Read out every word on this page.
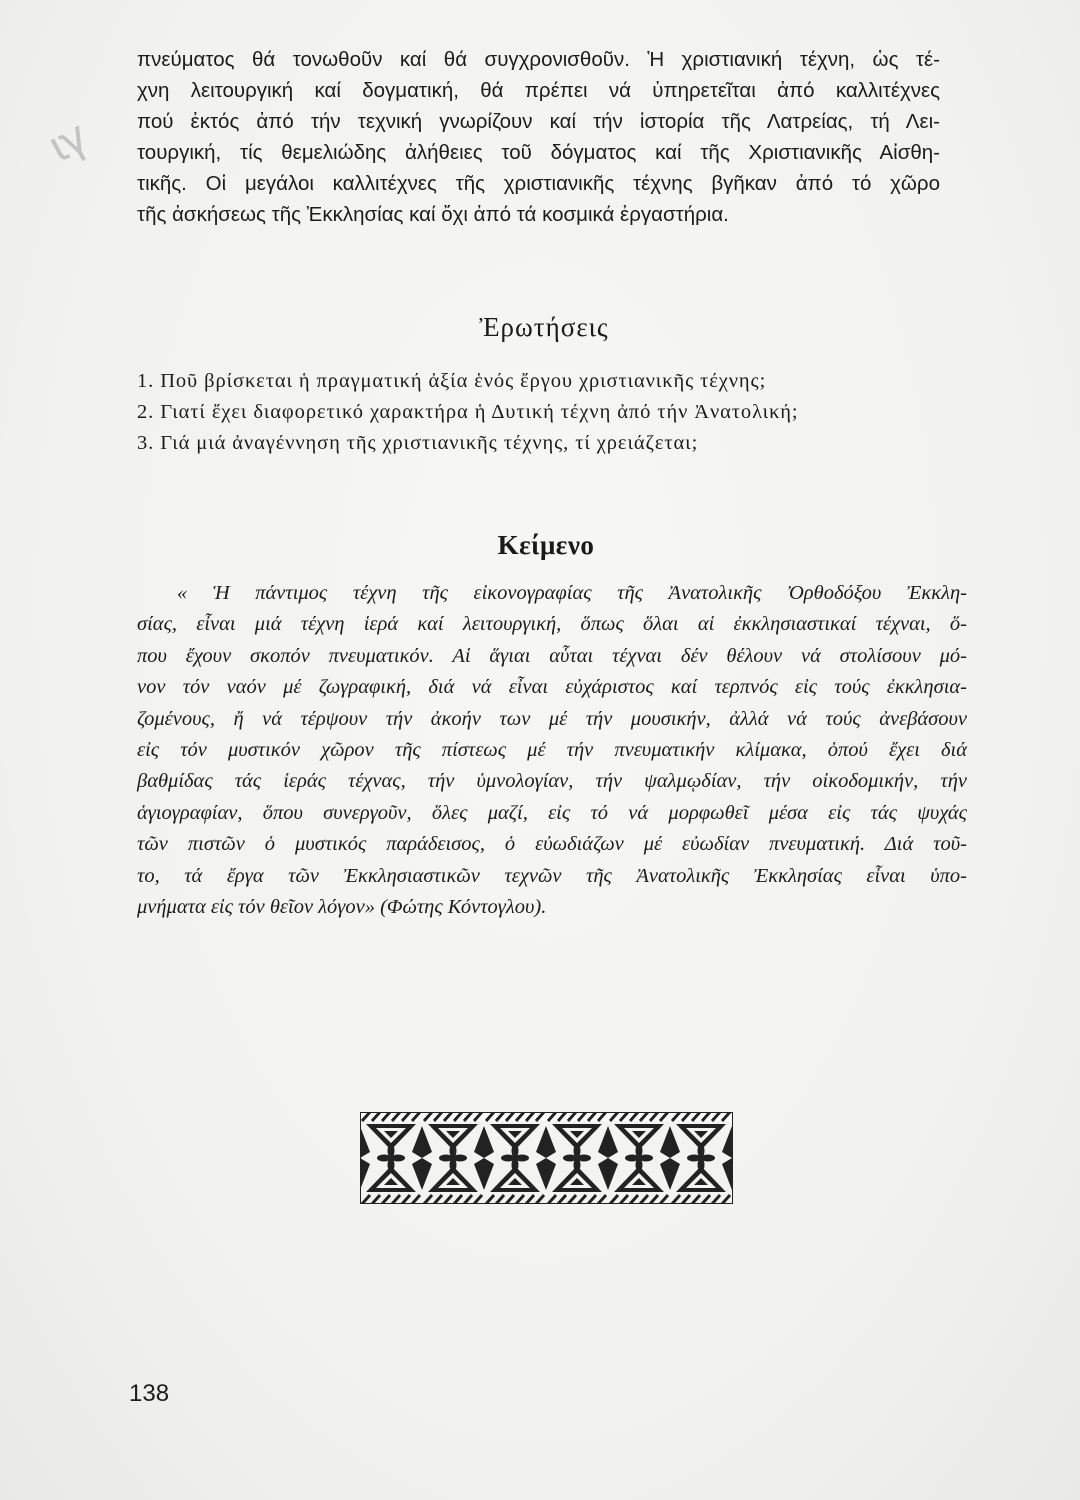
ιγ
πνεύματος θά τονωθοῦν καί θά συγχρονισθοῦν. Ἡ χριστιανική τέχνη, ὡς τέ-
χνη λειτουργική καί δογματική, θά πρέπει νά ὑπηρετεῖται ἀπό καλλιτέχνες
πού ἐκτός ἀπό τήν τεχνική γνωρίζουν καί τήν ἱστορία τῆς Λατρείας, τή Λει-
τουργική, τίς θεμελιώδης ἀλήθειες τοῦ δόγματος καί τῆς Χριστιανικῆς Αἰσθη-
τικῆς. Οἱ μεγάλοι καλλιτέχνες τῆς χριστιανικῆς τέχνης βγῆκαν ἀπό τό χῶρο
τῆς ἀσκήσεως τῆς Ἐκκλησίας καί ὄχι ἀπό τά κοσμικά ἐργαστήρια.
Ἐρωτήσεις
1. Ποῦ βρίσκεται ἡ πραγματική ἀξία ἑνός ἔργου χριστιανικῆς τέχνης;
2. Γιατί ἔχει διαφορετικό χαρακτήρα ἡ Δυτική τέχνη ἀπό τήν Ἀνατολική;
3. Γιά μιά ἀναγέννηση τῆς χριστιανικῆς τέχνης, τί χρειάζεται;
Κείμενο
« Ἡ πάντιμος τέχνη τῆς εἰκονογραφίας τῆς Ἀνατολικῆς Ὀρθοδόξου Ἐκκλη-
σίας, εἶναι μιά τέχνη ἱερά καί λειτουργική, ὅπως ὅλαι αἱ ἐκκλησιαστικαί τέχναι, ὅ-
που ἔχουν σκοπόν πνευματικόν. Αἱ ἅγιαι αὗται τέχναι δέν θέλουν νά στολίσουν μό-
νον τόν ναόν μέ ζωγραφική, διά νά εἶναι εὐχάριστος καί τερπνός εἰς τούς ἐκκλησια-
ζομένους, ἤ νά τέρψουν τήν ἀκοήν των μέ τήν μουσικήν, ἀλλά νά τούς ἀνεβάσουν
εἰς τόν μυστικόν χῶρον τῆς πίστεως μέ τήν πνευματικήν κλίμακα, ὁπού ἔχει διά
βαθμίδας τάς ἱεράς τέχνας, τήν ὑμνολογίαν, τήν ψαλμῳδίαν, τήν οἰκοδομικήν, τήν
ἁγιογραφίαν, ὅπου συνεργοῦν, ὅλες μαζί, εἰς τό νά μορφωθεῖ μέσα εἰς τάς ψυχάς
τῶν πιστῶν ὁ μυστικός παράδεισος, ὁ εὐωδιάζων μέ εὐωδίαν πνευματική. Διά τοῦ-
το, τά ἔργα τῶν Ἐκκλησιαστικῶν τεχνῶν τῆς Ἀνατολικῆς Ἐκκλησίας εἶναι ὑπο-
μνήματα εἰς τόν θεῖον λόγον» (Φώτης Κόντογλου).
138
